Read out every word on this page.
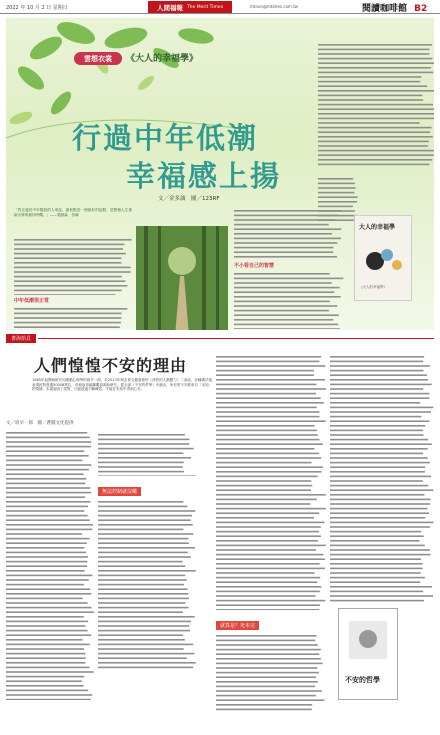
2022 年 10 月 2 日 星期日	人間福報 The Merit Times	mtnon@mtimes.com.tw	閱讀咖啡館 B2
雲想衣裳	《大人的幸福學》
行過中年低潮
幸福感上揚
文／金多誠　圖／123RF
「對正處於中年階段的人來說，最低點是一個最好的起點，是整個人生重新出發的最好時機。」——強納森．勞赫
中年低潮很正常
不小看自己的智慧
大人的幸福學
《大人的幸福學》
書海拾貝
人們惶惶不安的理由
1985年起開始研究同理動心理學的坂早一郎，於2013年與去實支健會會的《淨的的人類體力》二部曲，各種講法後表現針對焦慮50008萬位，首地取得偏鄰獨資源助研究。從全部《不安的哲學》中摘出，所有的不安都來自「未知」的情緒。本書說明了面對，只能透過不斷練習，才能在未知中得到心安。
文／坂早一郎　圖／蒼圓文化提供
無法控制就沒轍
就算是？死未完
不安的哲學
